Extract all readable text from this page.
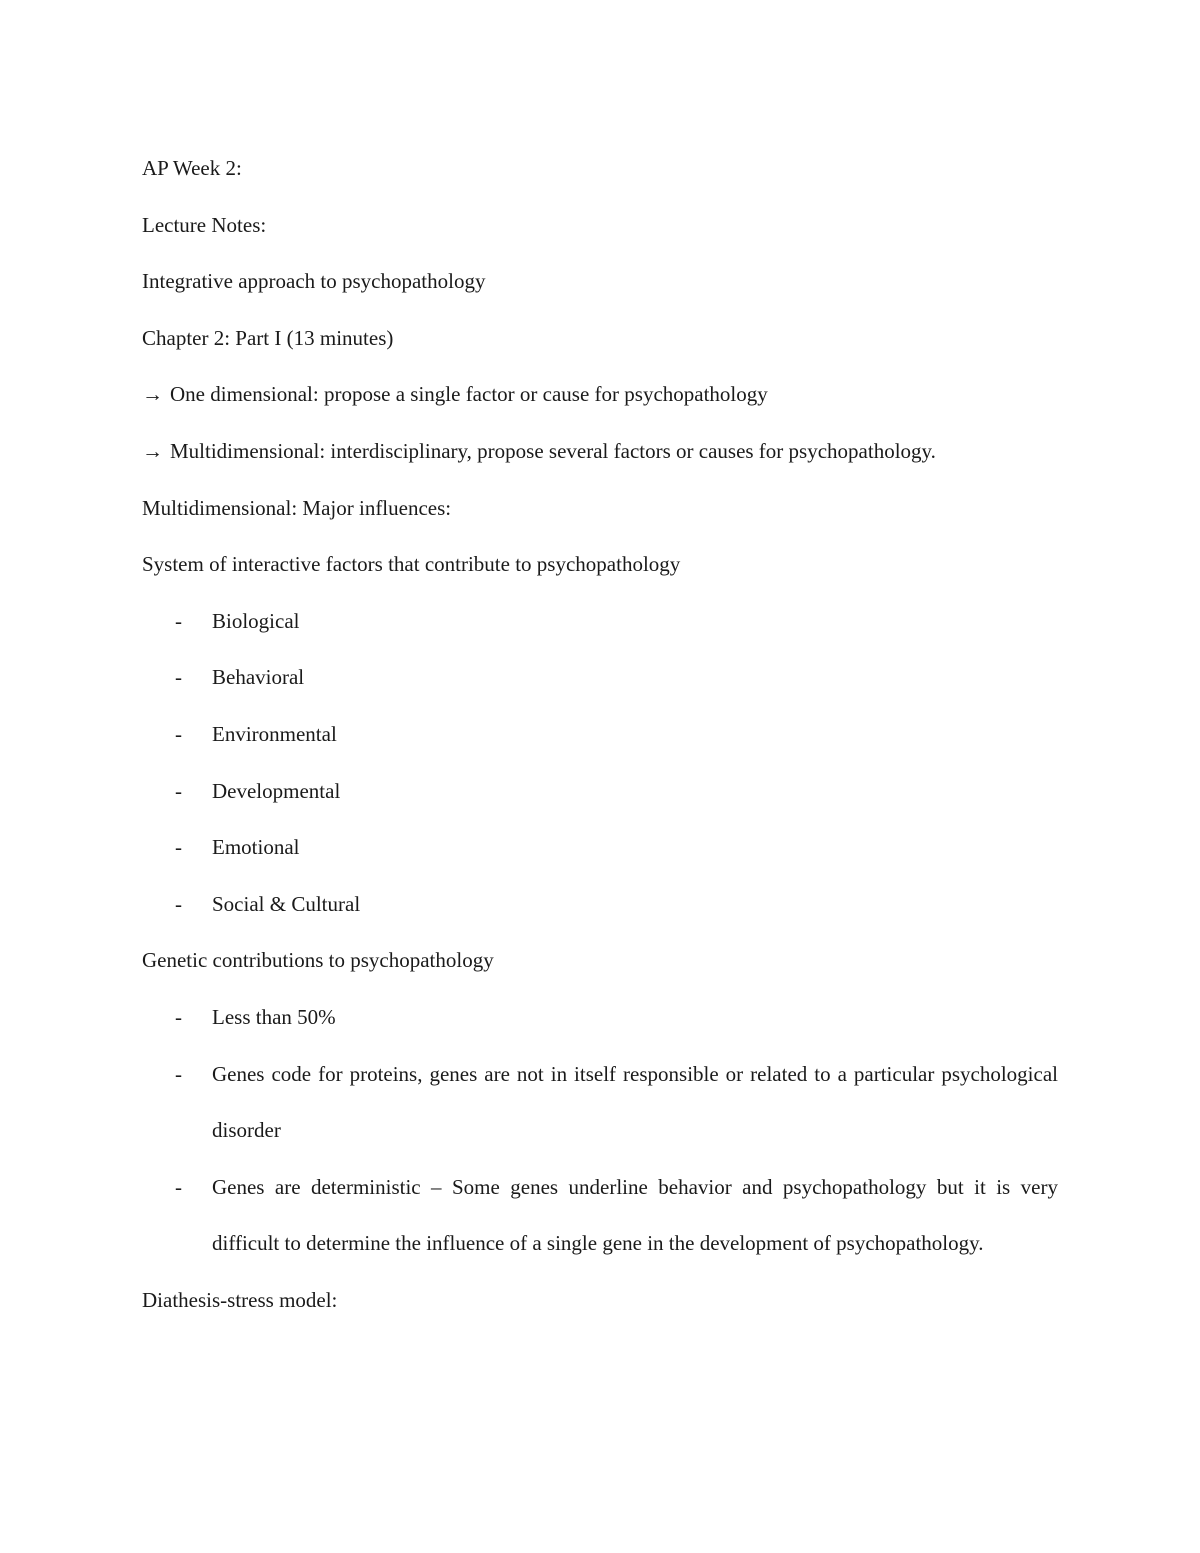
AP Week 2:
Lecture Notes:
Integrative approach to psychopathology
Chapter 2: Part I (13 minutes)
→ One dimensional: propose a single factor or cause for psychopathology
→ Multidimensional: interdisciplinary, propose several factors or causes for psychopathology.
Multidimensional: Major influences:
System of interactive factors that contribute to psychopathology
- Biological
- Behavioral
- Environmental
- Developmental
- Emotional
- Social & Cultural
Genetic contributions to psychopathology
- Less than 50%
- Genes code for proteins, genes are not in itself responsible or related to a particular psychological disorder
- Genes are deterministic – Some genes underline behavior and psychopathology but it is very difficult to determine the influence of a single gene in the development of psychopathology.
Diathesis-stress model:
